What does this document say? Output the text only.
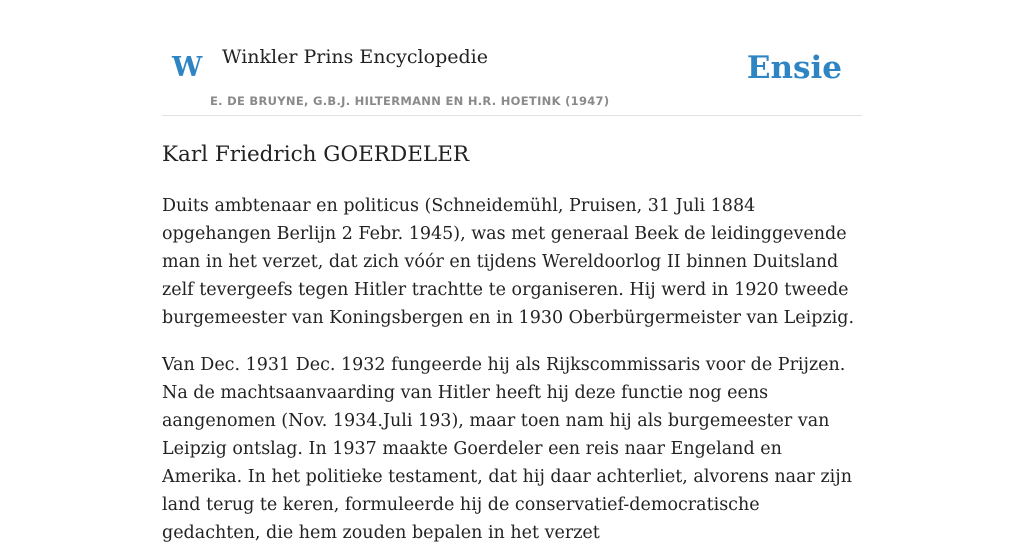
W Winkler Prins Encyclopedie
E. DE BRUYNE, G.B.J. HILTERMANN EN H.R. HOETINK (1947)
Ensie
Karl Friedrich GOERDELER

Duits ambtenaar en politicus (Schneidemühl, Pruisen, 31 Juli 1884 opgehangen Berlijn 2 Febr. 1945), was met generaal Beek de leidinggevende man in het verzet, dat zich vóór en tijdens Wereldoorlog II binnen Duitsland zelf tevergeefs tegen Hitler trachtte te organiseren. Hij werd in 1920 tweede burgemeester van Koningsbergen en in 1930 Oberbürgermeister van Leipzig.

Van Dec. 1931 Dec. 1932 fungeerde hij als Rijkscommissaris voor de Prijzen. Na de machtsaanvaarding van Hitler heeft hij deze functie nog eens aangenomen (Nov. 1934.Juli 193), maar toen nam hij als burgemeester van Leipzig ontslag. In 1937 maakte Goerdeler een reis naar Engeland en Amerika. In het politieke testament, dat hij daar achterliet, alvorens naar zijn land terug te keren, formuleerde hij de conservatief-democratische gedachten, die hem zouden bepalen in het verzet
